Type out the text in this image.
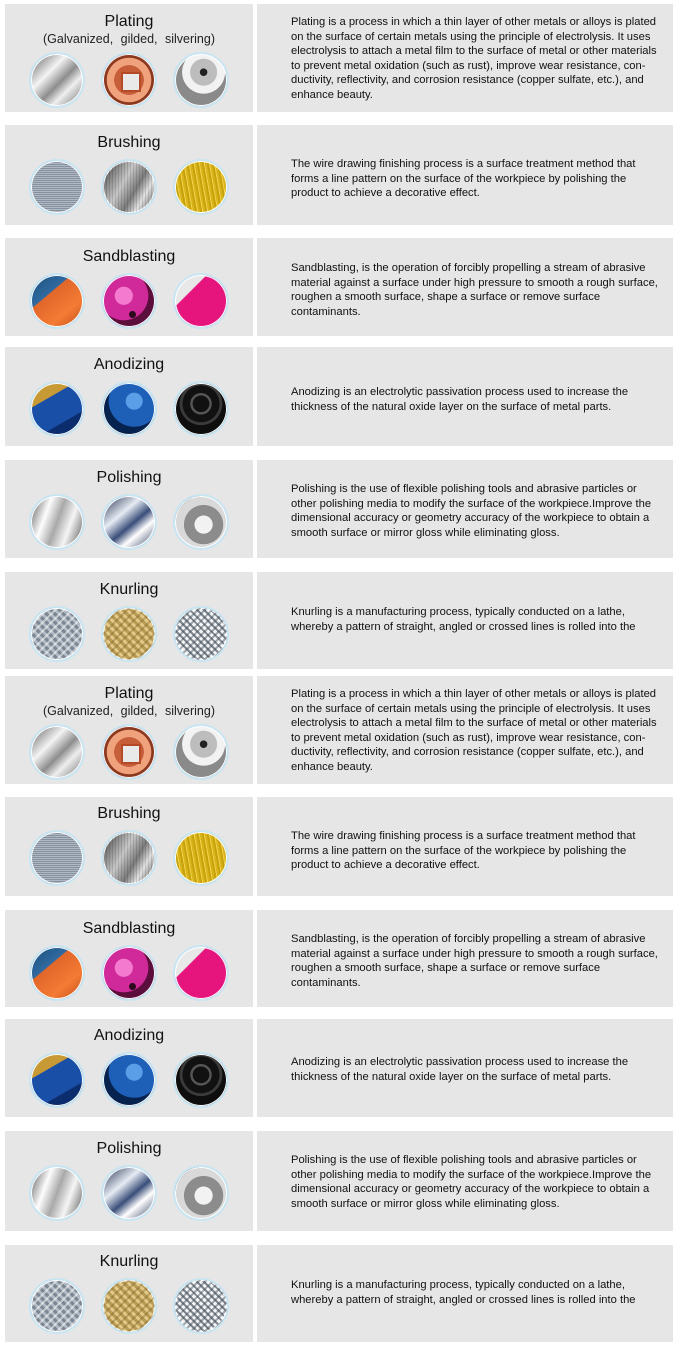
Plating
(Galvanized, gilded, silvering)
Plating is a process in which a thin layer of other metals or alloys is plated on the surface of certain metals using the principle of electrolysis. It uses electrolysis to attach a metal film to the surface of metal or other materials to prevent metal oxidation (such as rust), improve wear resistance, con-ductivity, reflectivity, and corrosion resistance (copper sulfate, etc.), and enhance beauty.
Brushing
The wire drawing finishing process is a surface treatment method that forms a line pattern on the surface of the workpiece by polishing the product to achieve a decorative effect.
Sandblasting
Sandblasting, is the operation of forcibly propelling a stream of abrasive material against a surface under high pressure to smooth a rough surface, roughen a smooth surface, shape a surface or remove surface contaminants.
Anodizing
Anodizing is an electrolytic passivation process used to increase the thickness of the natural oxide layer on the surface of metal parts.
Polishing
Polishing is the use of flexible polishing tools and abrasive particles or other polishing media to modify the surface of the workpiece.Improve the dimensional accuracy or geometry accuracy of the workpiece to obtain a smooth surface or mirror gloss while eliminating gloss.
Knurling
Knurling is a manufacturing process, typically conducted on a lathe, whereby a pattern of straight, angled or crossed lines is rolled into the
Plating
(Galvanized, gilded, silvering)
Plating is a process in which a thin layer of other metals or alloys is plated on the surface of certain metals using the principle of electrolysis. It uses electrolysis to attach a metal film to the surface of metal or other materials to prevent metal oxidation (such as rust), improve wear resistance, con-ductivity, reflectivity, and corrosion resistance (copper sulfate, etc.), and enhance beauty.
Brushing
The wire drawing finishing process is a surface treatment method that forms a line pattern on the surface of the workpiece by polishing the product to achieve a decorative effect.
Sandblasting
Sandblasting, is the operation of forcibly propelling a stream of abrasive material against a surface under high pressure to smooth a rough surface, roughen a smooth surface, shape a surface or remove surface contaminants.
Anodizing
Anodizing is an electrolytic passivation process used to increase the thickness of the natural oxide layer on the surface of metal parts.
Polishing
Polishing is the use of flexible polishing tools and abrasive particles or other polishing media to modify the surface of the workpiece.Improve the dimensional accuracy or geometry accuracy of the workpiece to obtain a smooth surface or mirror gloss while eliminating gloss.
Knurling
Knurling is a manufacturing process, typically conducted on a lathe, whereby a pattern of straight, angled or crossed lines is rolled into the
